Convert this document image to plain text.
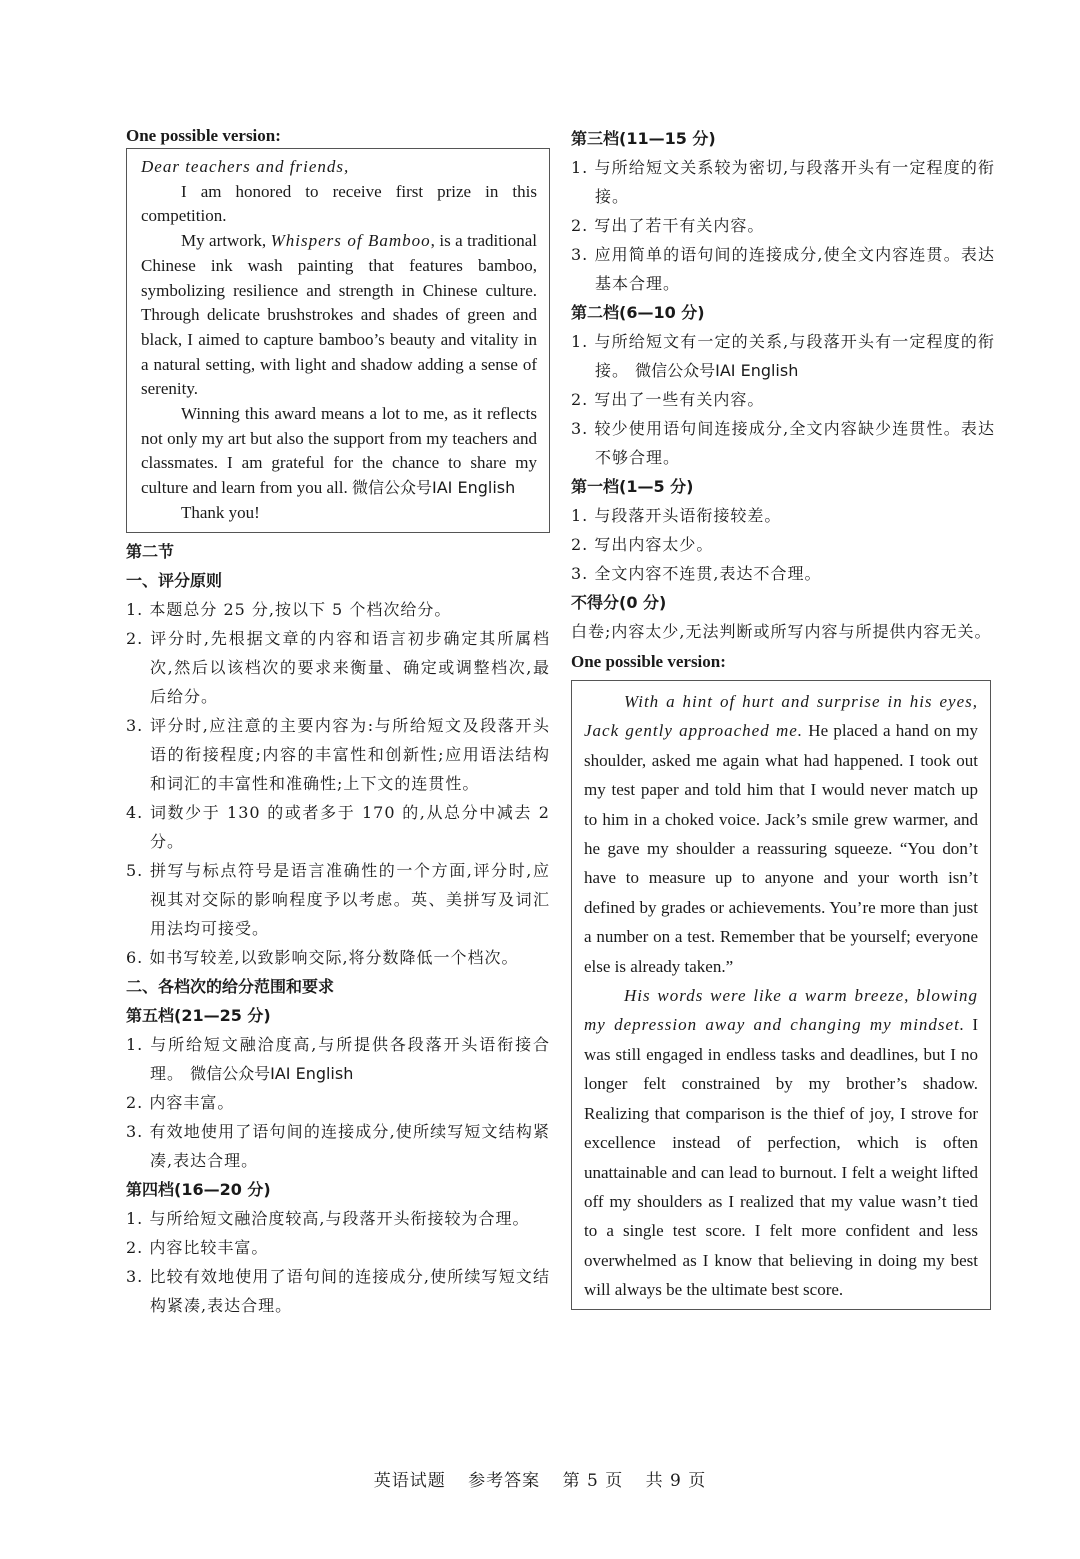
One possible version:

Dear teachers and friends,

I am honored to receive first prize in this competition.

My artwork, Whispers of Bamboo, is a traditional Chinese ink wash painting that features bamboo, symbolizing resilience and strength in Chinese culture. Through delicate brushstrokes and shades of green and black, I aimed to capture bamboo’s beauty and vitality in a natural setting, with light and shadow adding a sense of serenity.

Winning this award means a lot to me, as it reflects not only my art but also the support from my teachers and classmates. I am grateful for the chance to share my culture and learn from you all. 微信公众号IAI English

Thank you!

第二节
一、评分原则
1. 本题总分 25 分,按以下 5 个档次给分。
2. 评分时,先根据文章的内容和语言初步确定其所属档次,然后以该档次的要求来衡量、确定或调整档次,最后给分。
3. 评分时,应注意的主要内容为:与所给短文及段落开头语的衔接程度;内容的丰富性和创新性;应用语法结构和词汇的丰富性和准确性;上下文的连贯性。
4. 词数少于 130 的或者多于 170 的,从总分中减去 2 分。
5. 拼写与标点符号是语言准确性的一个方面,评分时,应视其对交际的影响程度予以考虑。英、美拼写及词汇用法均可接受。
6. 如书写较差,以致影响交际,将分数降低一个档次。
二、各档次的给分范围和要求
第五档(21—25 分)
1. 与所给短文融洽度高,与所提供各段落开头语衔接合理。 微信公众号IAI English
2. 内容丰富。
3. 有效地使用了语句间的连接成分,使所续写短文结构紧凑,表达合理。
第四档(16—20 分)
1. 与所给短文融洽度较高,与段落开头衔接较为合理。
2. 内容比较丰富。
3. 比较有效地使用了语句间的连接成分,使所续写短文结构紧凑,表达合理。
第三档(11—15 分)
1. 与所给短文关系较为密切,与段落开头有一定程度的衔接。
2. 写出了若干有关内容。
3. 应用简单的语句间的连接成分,使全文内容连贯。表达基本合理。
第二档(6—10 分)
1. 与所给短文有一定的关系,与段落开头有一定程度的衔接。 微信公众号IAI English
2. 写出了一些有关内容。
3. 较少使用语句间连接成分,全文内容缺少连贯性。表达不够合理。
第一档(1—5 分)
1. 与段落开头语衔接较差。
2. 写出内容太少。
3. 全文内容不连贯,表达不合理。
不得分(0 分)
白卷;内容太少,无法判断或所写内容与所提供内容无关。
One possible version:

With a hint of hurt and surprise in his eyes, Jack gently approached me. He placed a hand on my shoulder, asked me again what had happened. I took out my test paper and told him that I would never match up to him in a choked voice. Jack’s smile grew warmer, and he gave my shoulder a reassuring squeeze. “You don’t have to measure up to anyone and your worth isn’t defined by grades or achievements. You’re more than just a number on a test. Remember that be yourself; everyone else is already taken.”

His words were like a warm breeze, blowing my depression away and changing my mindset. I was still engaged in endless tasks and deadlines, but I no longer felt constrained by my brother’s shadow. Realizing that comparison is the thief of joy, I strove for excellence instead of perfection, which is often unattainable and can lead to burnout. I felt a weight lifted off my shoulders as I realized that my value wasn’t tied to a single test score. I felt more confident and less overwhelmed as I know that believing in doing my best will always be the ultimate best score.

英语试题 参考答案 第 5 页 共 9 页
